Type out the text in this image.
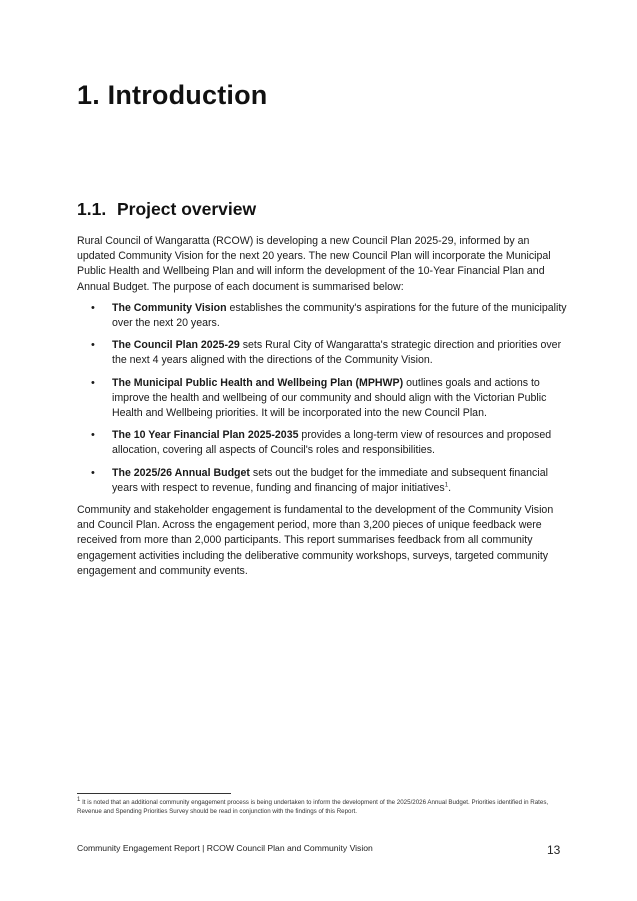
1. Introduction
1.1. Project overview

Rural Council of Wangaratta (RCOW) is developing a new Council Plan 2025-29, informed by an updated Community Vision for the next 20 years. The new Council Plan will incorporate the Municipal Public Health and Wellbeing Plan and will inform the development of the 10-Year Financial Plan and Annual Budget. The purpose of each document is summarised below:

• The Community Vision establishes the community's aspirations for the future of the municipality over the next 20 years.
• The Council Plan 2025-29 sets Rural City of Wangaratta's strategic direction and priorities over the next 4 years aligned with the directions of the Community Vision.
• The Municipal Public Health and Wellbeing Plan (MPHWP) outlines goals and actions to improve the health and wellbeing of our community and should align with the Victorian Public Health and Wellbeing priorities. It will be incorporated into the new Council Plan.
• The 10 Year Financial Plan 2025-2035 provides a long-term view of resources and proposed allocation, covering all aspects of Council's roles and responsibilities.
• The 2025/26 Annual Budget sets out the budget for the immediate and subsequent financial years with respect to revenue, funding and financing of major initiatives$^1$.

Community and stakeholder engagement is fundamental to the development of the Community Vision and Council Plan. Across the engagement period, more than 3,200 pieces of unique feedback were received from more than 2,000 participants. This report summarises feedback from all community engagement activities including the deliberative community workshops, surveys, targeted community engagement and community events.

$^1$ It is noted that an additional community engagement process is being undertaken to inform the development of the 2025/2026 Annual Budget. Priorities identified in Rates, Revenue and Spending Priorities Survey should be read in conjunction with the findings of this Report.
Community Engagement Report | RCOW Council Plan and Community Vision	13
